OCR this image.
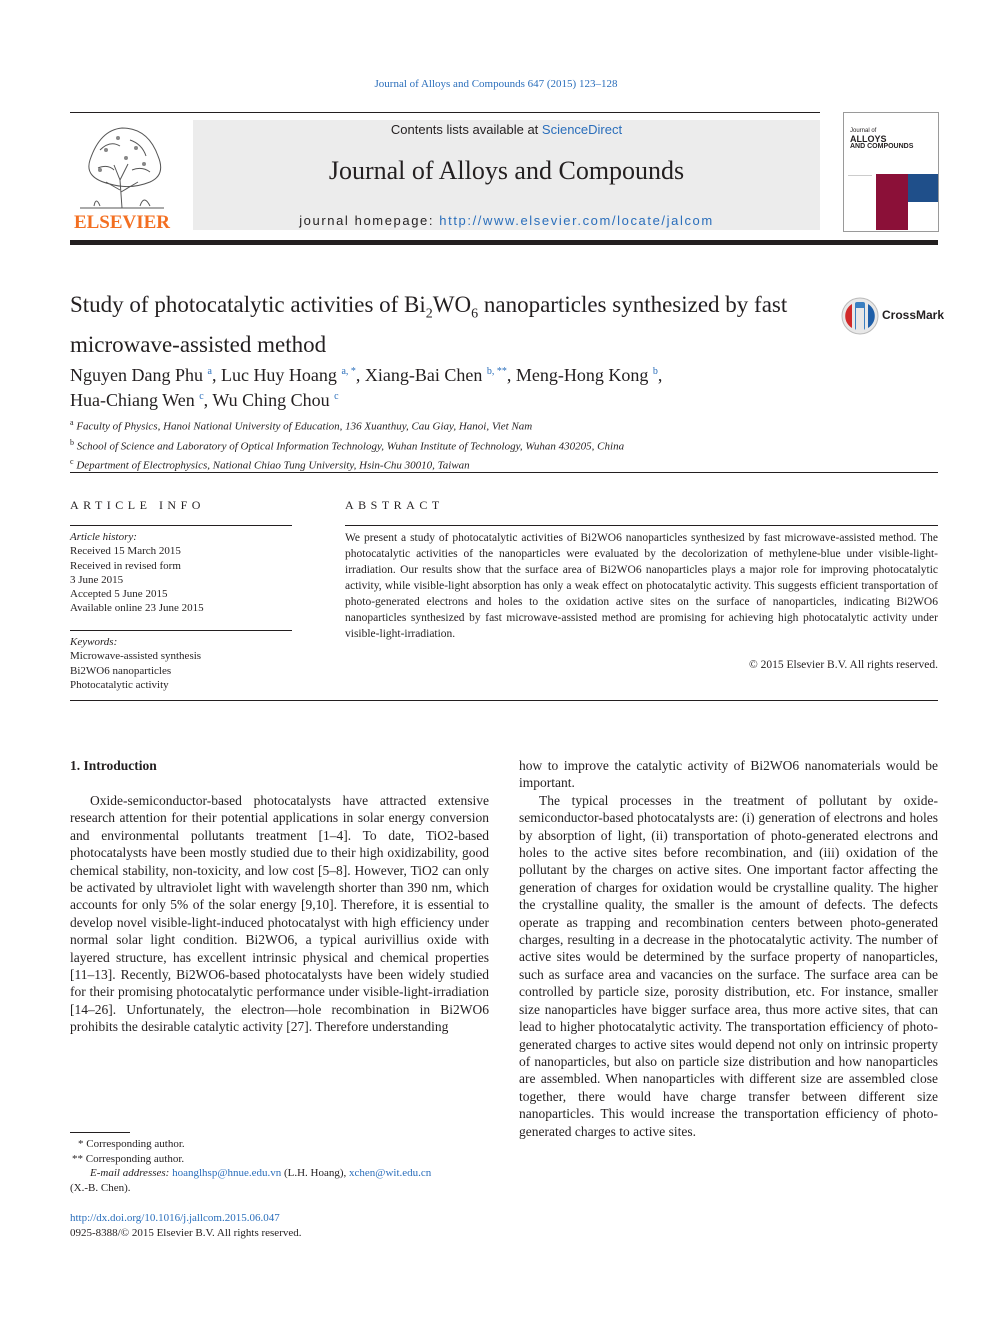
Journal of Alloys and Compounds 647 (2015) 123–128
ELSEVIER
Contents lists available at ScienceDirect
Journal of Alloys and Compounds
journal homepage: http://www.elsevier.com/locate/jalcom
Journal of
ALLOYS
AND COMPOUNDS
Study of photocatalytic activities of $Bi_2WO_6$ nanoparticles synthesized by fast microwave-assisted method
CrossMark
Nguyen Dang Phu $^a$, Luc Huy Hoang $^{a, *}$, Xiang-Bai Chen $^{b, **}$, Meng-Hong Kong $^b$,
Hua-Chiang Wen $^c$, Wu Ching Chou $^c$
$^a$ Faculty of Physics, Hanoi National University of Education, 136 Xuanthuy, Cau Giay, Hanoi, Viet Nam
$^b$ School of Science and Laboratory of Optical Information Technology, Wuhan Institute of Technology, Wuhan 430205, China
$^c$ Department of Electrophysics, National Chiao Tung University, Hsin-Chu 30010, Taiwan
ARTICLE INFO
Article history:
Received 15 March 2015
Received in revised form
3 June 2015
Accepted 5 June 2015
Available online 23 June 2015
Keywords:
Microwave-assisted synthesis
Bi2WO6 nanoparticles
Photocatalytic activity
ABSTRACT
We present a study of photocatalytic activities of Bi2WO6 nanoparticles synthesized by fast microwave-assisted method. The photocatalytic activities of the nanoparticles were evaluated by the decolorization of methylene-blue under visible-light-irradiation. Our results show that the surface area of Bi2WO6 nanoparticles plays a major role for improving photocatalytic activity, while visible-light absorption has only a weak effect on photocatalytic activity. This suggests efficient transportation of photo-generated electrons and holes to the oxidation active sites on the surface of nanoparticles, indicating Bi2WO6 nanoparticles synthesized by fast microwave-assisted method are promising for achieving high photocatalytic activity under visible-light-irradiation.
© 2015 Elsevier B.V. All rights reserved.
1. Introduction

Oxide-semiconductor-based photocatalysts have attracted extensive research attention for their potential applications in solar energy conversion and environmental pollutants treatment [1–4]. To date, TiO2-based photocatalysts have been mostly studied due to their high oxidizability, good chemical stability, non-toxicity, and low cost [5–8]. However, TiO2 can only be activated by ultraviolet light with wavelength shorter than 390 nm, which accounts for only 5% of the solar energy [9,10]. Therefore, it is essential to develop novel visible-light-induced photocatalyst with high efficiency under normal solar light condition. Bi2WO6, a typical aurivillius oxide with layered structure, has excellent intrinsic physical and chemical properties [11–13]. Recently, Bi2WO6-based photocatalysts have been widely studied for their promising photocatalytic performance under visible-light-irradiation [14–26]. Unfortunately, the electron—hole recombination in Bi2WO6 prohibits the desirable catalytic activity [27]. Therefore understanding

how to improve the catalytic activity of Bi2WO6 nanomaterials would be important.

The typical processes in the treatment of pollutant by oxide-semiconductor-based photocatalysts are: (i) generation of electrons and holes by absorption of light, (ii) transportation of photo-generated electrons and holes to the active sites before recombination, and (iii) oxidation of the pollutant by the charges on active sites. One important factor affecting the generation of charges for oxidation would be crystalline quality. The higher the crystalline quality, the smaller is the amount of defects. The defects operate as trapping and recombination centers between photo-generated charges, resulting in a decrease in the photocatalytic activity. The number of active sites would be determined by the surface property of nanoparticles, such as surface area and vacancies on the surface. The surface area can be controlled by particle size, porosity distribution, etc. For instance, smaller size nanoparticles have bigger surface area, thus more active sites, that can lead to higher photocatalytic activity. The transportation efficiency of photo-generated charges to active sites would depend not only on intrinsic property of nanoparticles, but also on particle size distribution and how nanoparticles are assembled. When nanoparticles with different size are assembled close together, there would have charge transfer between different size nanoparticles. This would increase the transportation efficiency of photo-generated charges to active sites.

* Corresponding author.
** Corresponding author.
E-mail addresses: hoanglhsp@hnue.edu.vn (L.H. Hoang), xchen@wit.edu.cn
(X.-B. Chen).
http://dx.doi.org/10.1016/j.jallcom.2015.06.047
0925-8388/© 2015 Elsevier B.V. All rights reserved.
